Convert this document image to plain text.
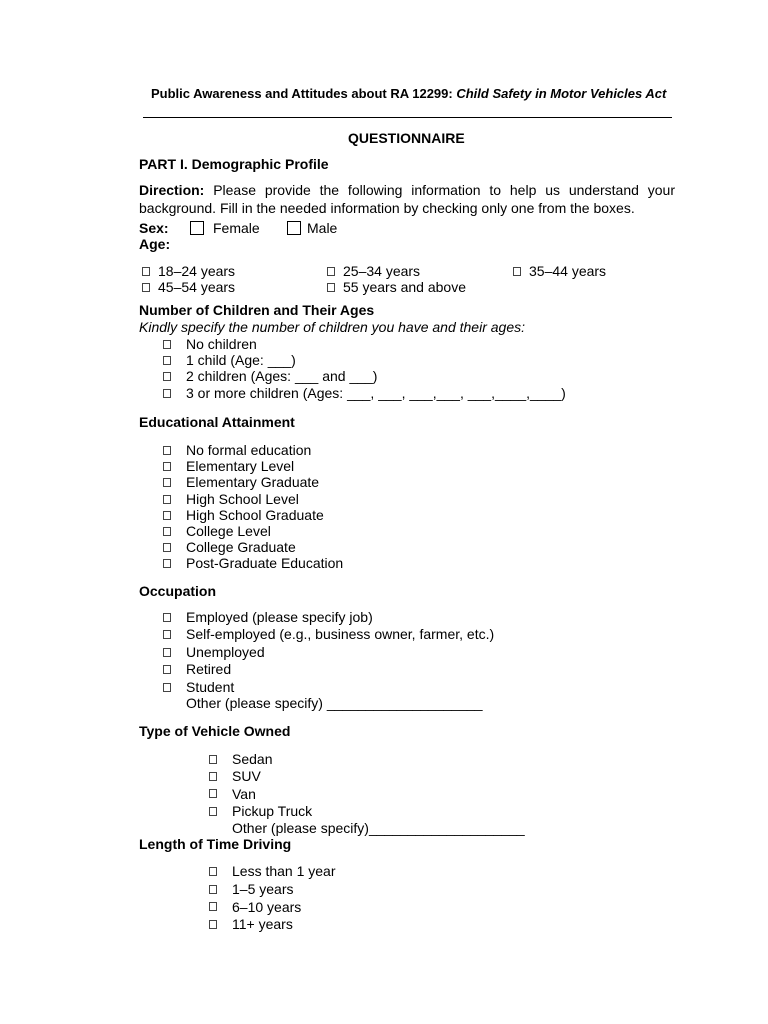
Public Awareness and Attitudes about RA 12299: Child Safety in Motor Vehicles Act
QUESTIONNAIRE
PART I. Demographic Profile
Direction: Please provide the following information to help us understand your background. Fill in the needed information by checking only one from the boxes.
Sex:	Female	Male
Age:
18–24 years	25–34 years	35–44 years
45–54 years	55 years and above
Number of Children and Their Ages
Kindly specify the number of children you have and their ages:
No children
1 child (Age: ___)
2 children (Ages: ___ and ___)
3 or more children (Ages: ___, ___, ___,___, ___,____,____)
Educational Attainment
No formal education
Elementary Level
Elementary Graduate
High School Level
High School Graduate
College Level
College Graduate
Post-Graduate Education
Occupation
Employed (please specify job)
Self-employed (e.g., business owner, farmer, etc.)
Unemployed
Retired
Student
Other (please specify) ____________________
Type of Vehicle Owned
Sedan
SUV
Van
Pickup Truck
Other (please specify)____________________
Length of Time Driving
Less than 1 year
1–5 years
6–10 years
11+ years
